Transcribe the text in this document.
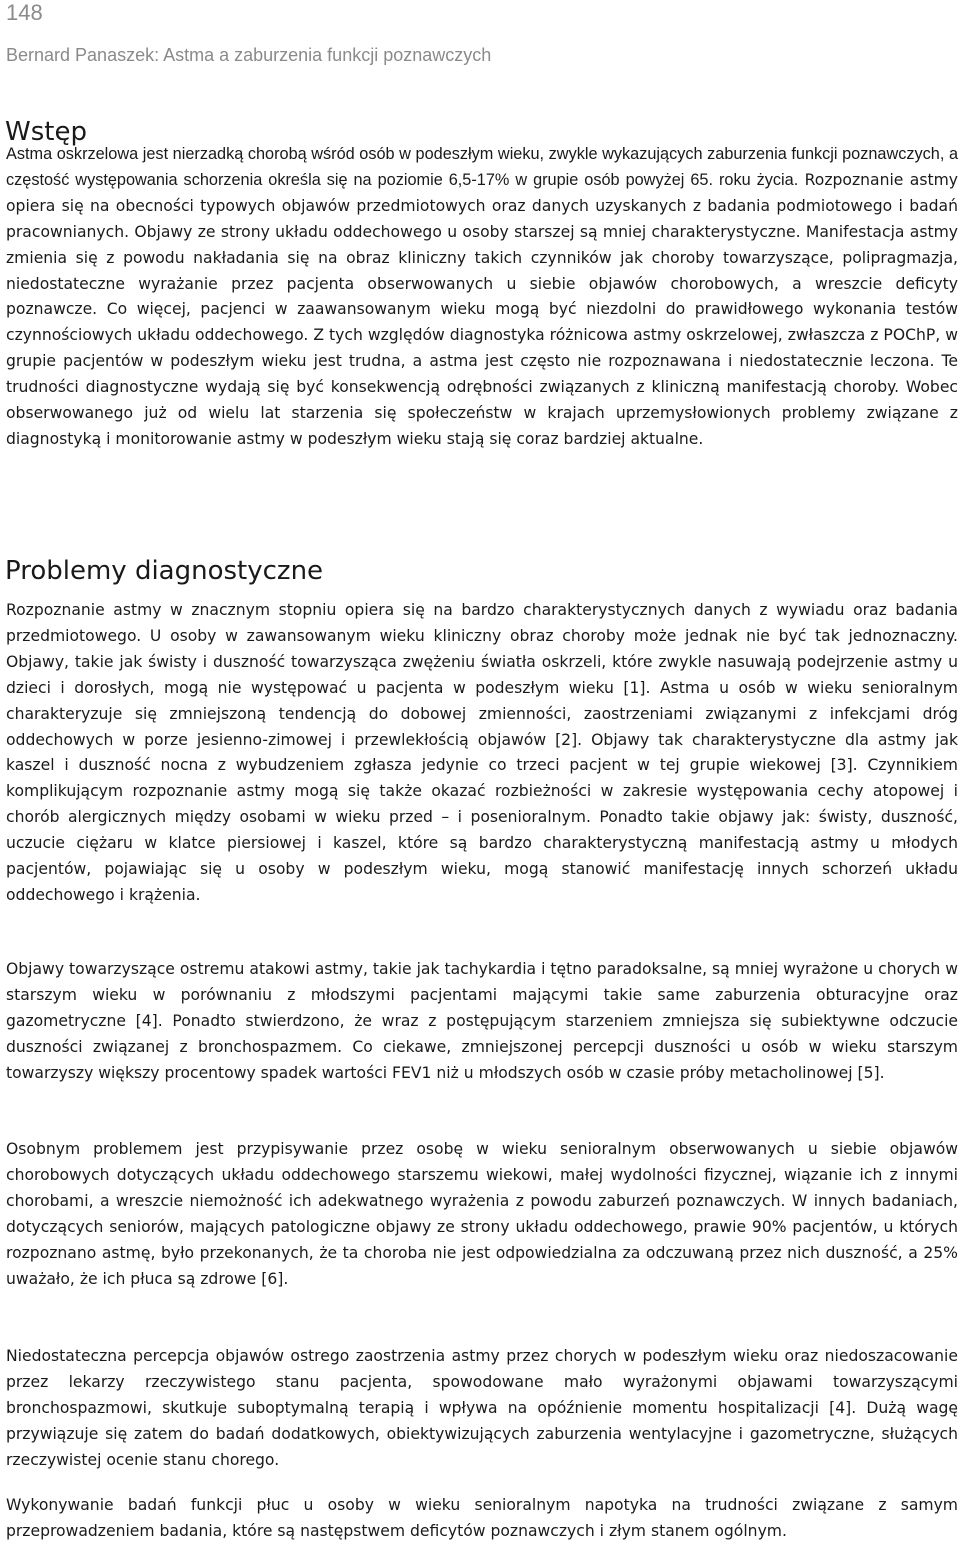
148
Bernard Panaszek: Astma a zaburzenia funkcji poznawczych
Wstęp

Astma oskrzelowa jest nierzadką chorobą wśród osób w podeszłym wieku, zwykle wykazujących zaburzenia funkcji poznawczych, a częstość występowania schorzenia określa się na poziomie 6,5-17% w grupie osób powyżej 65. roku życia. Rozpoznanie astmy opiera się na obecności typowych objawów przedmiotowych oraz danych uzyskanych z badania podmiotowego i badań pracownianych. Objawy ze strony układu oddechowego u osoby starszej są mniej charakterystyczne. Manifestacja astmy zmienia się z powodu nakładania się na obraz kliniczny takich czynników jak choroby towarzyszące, polipragmazja, niedostateczne wyrażanie przez pacjenta obserwowanych u siebie objawów chorobowych, a wreszcie deficyty poznawcze. Co więcej, pacjenci w zaawansowanym wieku mogą być niezdolni do prawidłowego wykonania testów czynnościowych układu oddechowego. Z tych względów diagnostyka różnicowa astmy oskrzelowej, zwłaszcza z POChP, w grupie pacjentów w podeszłym wieku jest trudna, a astma jest często nie rozpoznawana i niedostatecznie leczona. Te trudności diagnostyczne wydają się być konsekwencją odrębności związanych z kliniczną manifestacją choroby. Wobec obserwowanego już od wielu lat starzenia się społeczeństw w krajach uprzemysłowionych problemy związane z diagnostyką i monitorowanie astmy w podeszłym wieku stają się coraz bardziej aktualne.

Problemy diagnostyczne

Rozpoznanie astmy w znacznym stopniu opiera się na bardzo charakterystycznych danych z wywiadu oraz badania przedmiotowego. U osoby w zawansowanym wieku kliniczny obraz choroby może jednak nie być tak jednoznaczny. Objawy, takie jak świsty i duszność towarzysząca zwężeniu światła oskrzeli, które zwykle nasuwają podejrzenie astmy u dzieci i dorosłych, mogą nie występować u pacjenta w podeszłym wieku [1]. Astma u osób w wieku senioralnym charakteryzuje się zmniejszoną tendencją do dobowej zmienności, zaostrzeniami związanymi z infekcjami dróg oddechowych w porze jesienno-zimowej i przewlekłością objawów [2]. Objawy tak charakterystyczne dla astmy jak kaszel i duszność nocna z wybudzeniem zgłasza jedynie co trzeci pacjent w tej grupie wiekowej [3]. Czynnikiem komplikującym rozpoznanie astmy mogą się także okazać rozbieżności w zakresie występowania cechy atopowej i chorób alergicznych między osobami w wieku przed – i posenioralnym. Ponadto takie objawy jak: świsty, duszność, uczucie ciężaru w klatce piersiowej i kaszel, które są bardzo charakterystyczną manifestacją astmy u młodych pacjentów, pojawiając się u osoby w podeszłym wieku, mogą stanowić manifestację innych schorzeń układu oddechowego i krążenia.

Objawy towarzyszące ostremu atakowi astmy, takie jak tachykardia i tętno paradoksalne, są mniej wyrażone u chorych w starszym wieku w porównaniu z młodszymi pacjentami mającymi takie same zaburzenia obturacyjne oraz gazometryczne [4]. Ponadto stwierdzono, że wraz z postępującym starzeniem zmniejsza się subiektywne odczucie duszności związanej z bronchospazmem. Co ciekawe, zmniejszonej percepcji duszności u osób w wieku starszym towarzyszy większy procentowy spadek wartości FEV1 niż u młodszych osób w czasie próby metacholinowej [5].

Osobnym problemem jest przypisywanie przez osobę w wieku senioralnym obserwowanych u siebie objawów chorobowych dotyczących układu oddechowego starszemu wiekowi, małej wydolności fizycznej, wiązanie ich z innymi chorobami, a wreszcie niemożność ich adekwatnego wyrażenia z powodu zaburzeń poznawczych. W innych badaniach, dotyczących seniorów, mających patologiczne objawy ze strony układu oddechowego, prawie 90% pacjentów, u których rozpoznano astmę, było przekonanych, że ta choroba nie jest odpowiedzialna za odczuwaną przez nich duszność, a 25% uważało, że ich płuca są zdrowe [6].

Niedostateczna percepcja objawów ostrego zaostrzenia astmy przez chorych w podeszłym wieku oraz niedoszacowanie przez lekarzy rzeczywistego stanu pacjenta, spowodowane mało wyrażonymi objawami towarzyszącymi bronchospazmowi, skutkuje suboptymalną terapią i wpływa na opóźnienie momentu hospitalizacji [4]. Dużą wagę przywiązuje się zatem do badań dodatkowych, obiektywizujących zaburzenia wentylacyjne i gazometryczne, służących rzeczywistej ocenie stanu chorego.

Wykonywanie badań funkcji płuc u osoby w wieku senioralnym napotyka na trudności związane z samym przeprowadzeniem badania, które są następstwem deficytów poznawczych i złym stanem ogólnym.
